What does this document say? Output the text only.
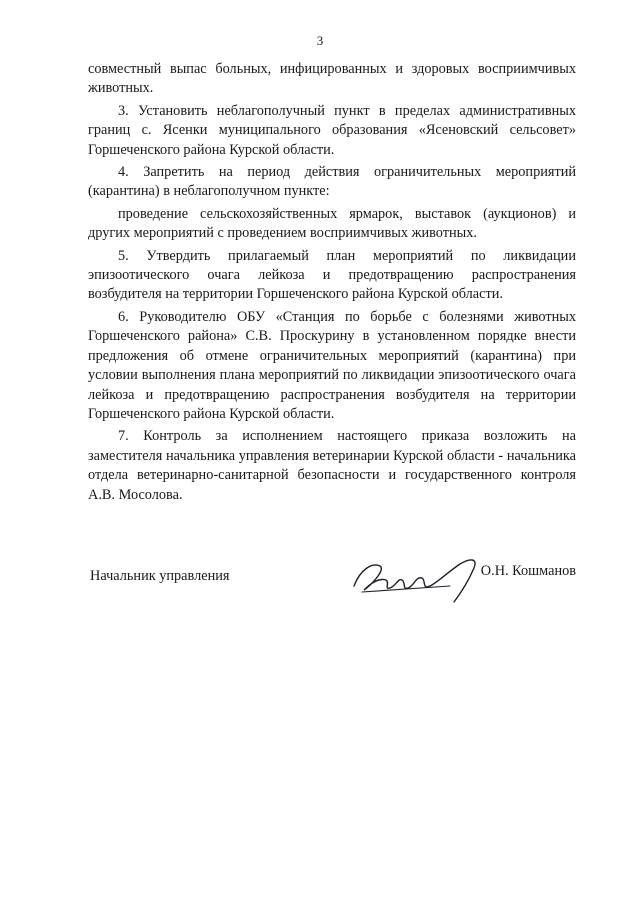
3

совместный выпас больных, инфицированных и здоровых восприимчивых животных.

3. Установить неблагополучный пункт в пределах административных границ с. Ясенки муниципального образования «Ясеновский сельсовет» Горшеченского района Курской области.

4. Запретить на период действия ограничительных мероприятий (карантина) в неблагополучном пункте:

проведение сельскохозяйственных ярмарок, выставок (аукционов) и других мероприятий с проведением восприимчивых животных.

5. Утвердить прилагаемый план мероприятий по ликвидации эпизоотического очага лейкоза и предотвращению распространения возбудителя на территории Горшеченского района Курской области.

6. Руководителю ОБУ «Станция по борьбе с болезнями животных Горшеченского района» С.В. Проскурину в установленном порядке внести предложения об отмене ограничительных мероприятий (карантина) при условии выполнения плана мероприятий по ликвидации эпизоотического очага лейкоза и предотвращению распространения возбудителя на территории Горшеченского района Курской области.

7. Контроль за исполнением настоящего приказа возложить на заместителя начальника управления ветеринарии Курской области - начальника отдела ветеринарно-санитарной безопасности и государственного контроля А.В. Мосолова.

Начальник управления	О.Н. Кошманов
